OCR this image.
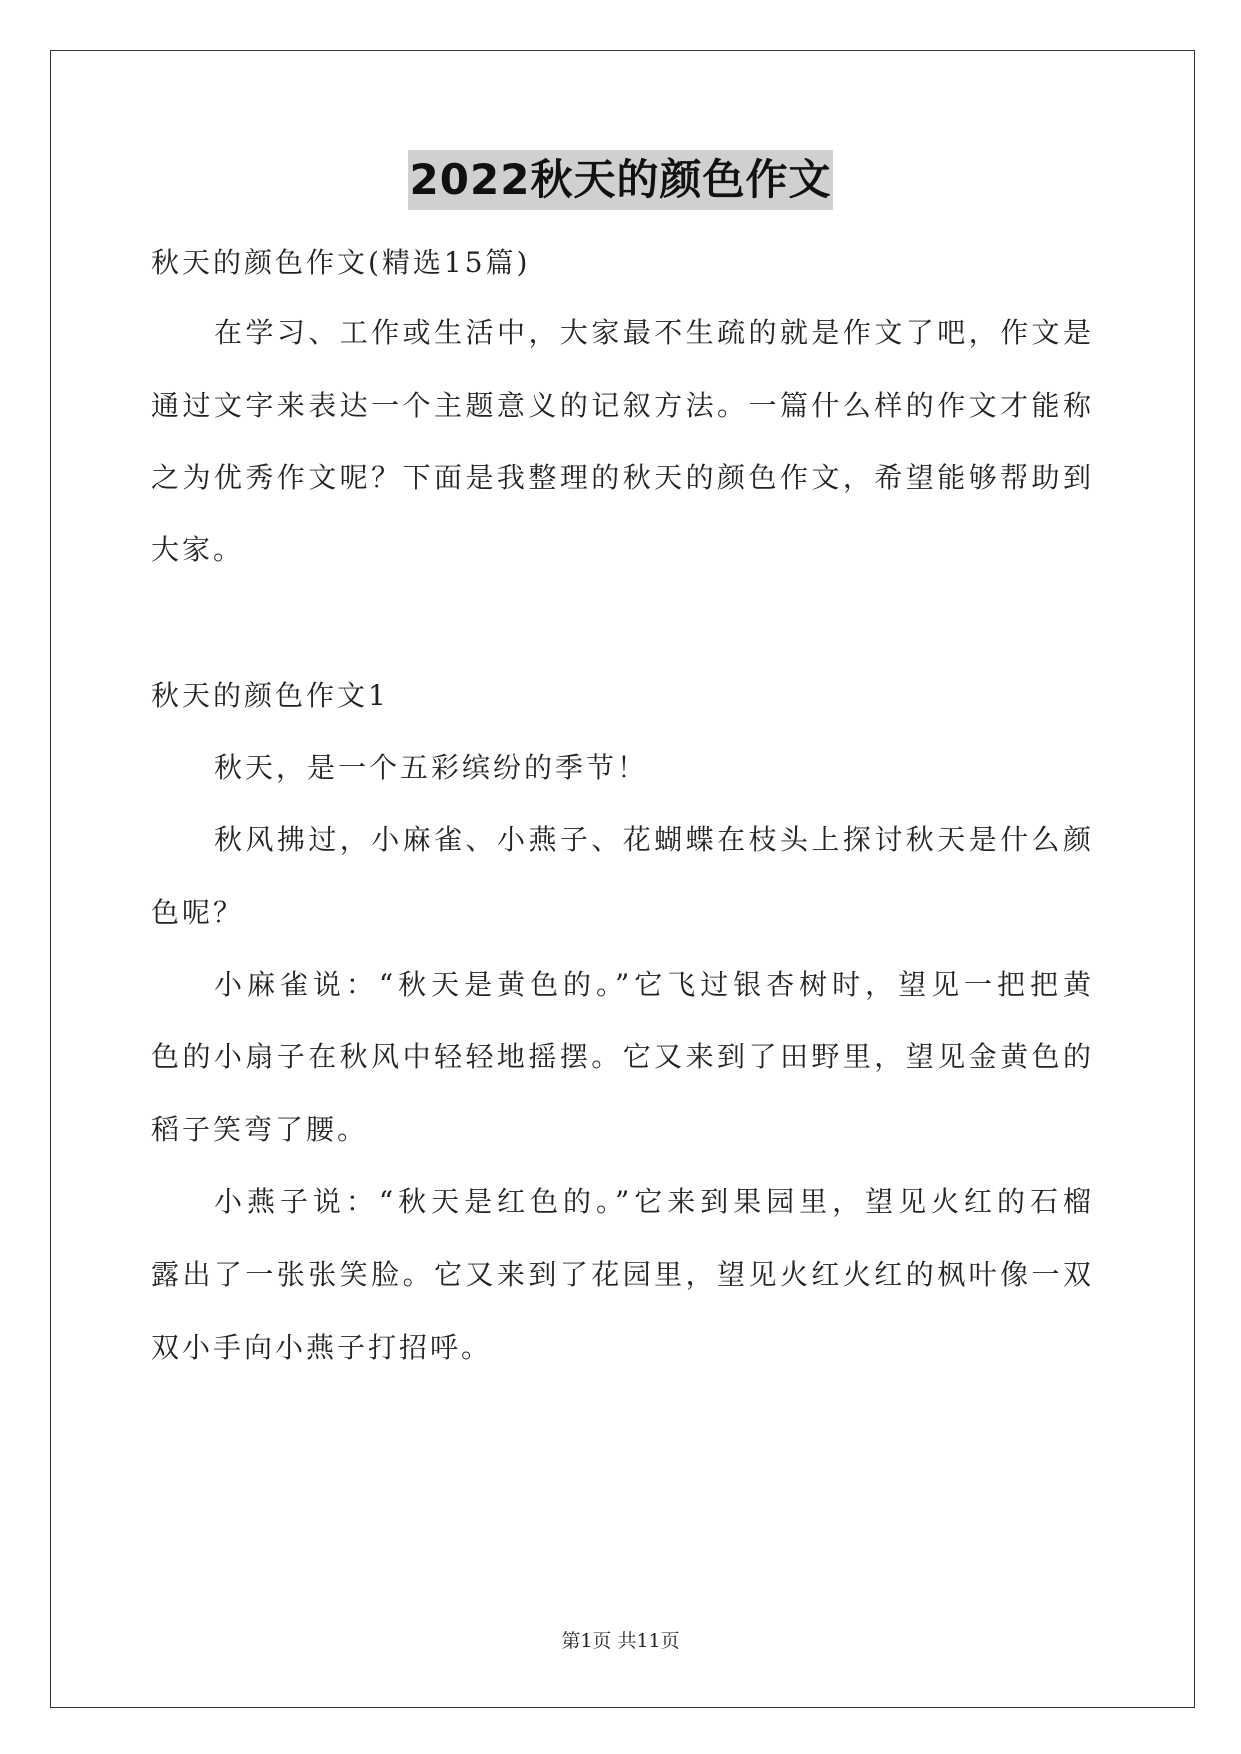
2022秋天的颜色作文
秋天的颜色作文(精选15篇)
在学习、工作或生活中，大家最不生疏的就是作文了吧，作文是
通过文字来表达一个主题意义的记叙方法。一篇什么样的作文才能称
之为优秀作文呢？下面是我整理的秋天的颜色作文，希望能够帮助到
大家。
秋天的颜色作文1
秋天，是一个五彩缤纷的季节！
秋风拂过，小麻雀、小燕子、花蝴蝶在枝头上探讨秋天是什么颜
色呢？
小麻雀说：“秋天是黄色的。”它飞过银杏树时，望见一把把黄
色的小扇子在秋风中轻轻地摇摆。它又来到了田野里，望见金黄色的
稻子笑弯了腰。
小燕子说：“秋天是红色的。”它来到果园里，望见火红的石榴
露出了一张张笑脸。它又来到了花园里，望见火红火红的枫叶像一双
双小手向小燕子打招呼。
第1页 共11页
